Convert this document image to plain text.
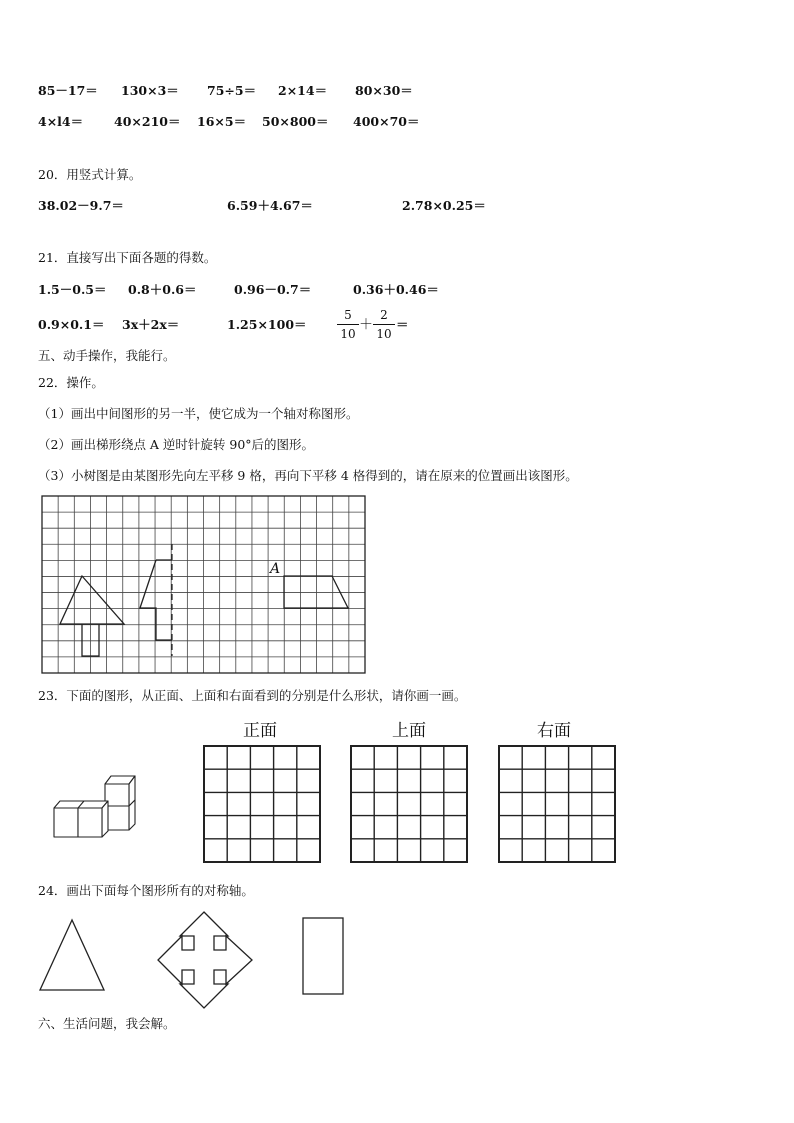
85－17＝ 130×3＝ 75÷5＝ 2×14＝ 80×30＝
4×l4＝ 40×210＝ 16×5＝ 50×800＝ 400×70＝
20．用竖式计算。
38.02－9.7＝	6.59＋4.67＝	2.78×0.25＝
21．直接写出下面各题的得数。
1.5－0.5＝ 0.8＋0.6＝	0.96－0.7＝	0.36＋0.46＝
0.9×0.1＝ 3x＋2x＝	1.25×100＝
5
10
＋
2
10
＝
五、动手操作，我能行。
22．操作。
（1）画出中间图形的另一半，使它成为一个轴对称图形。
（2）画出梯形绕点 A 逆时针旋转 90°后的图形。
（3）小树图是由某图形先向左平移 9 格，再向下平移 4 格得到的，请在原来的位置画出该图形。
A
23．下面的图形，从正面、上面和右面看到的分别是什么形状，请你画一画。
正面	上面	右面
24．画出下面每个图形所有的对称轴。
六、生活问题，我会解。
